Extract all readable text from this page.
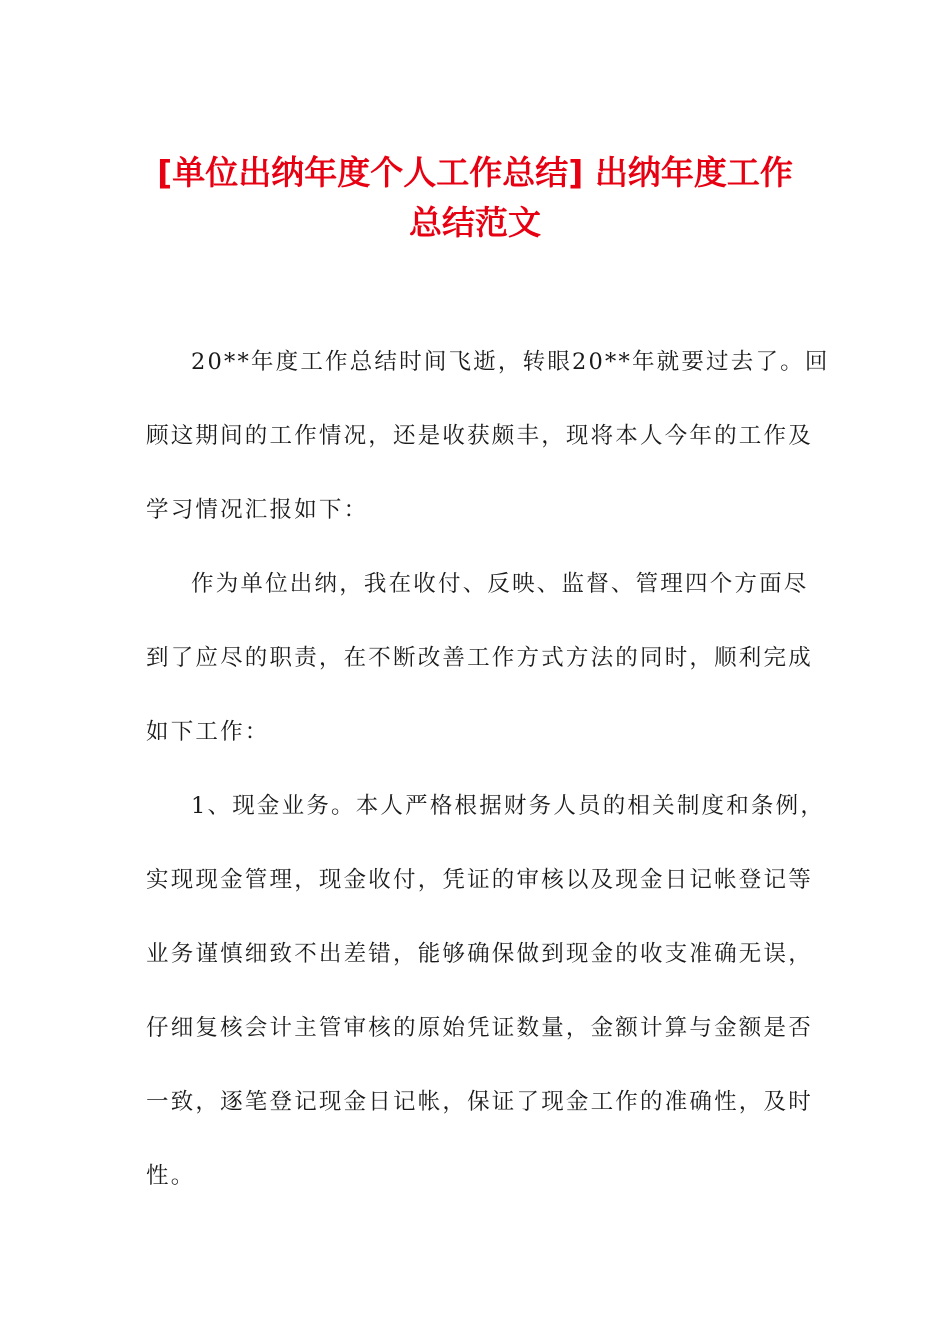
[单位出纳年度个人工作总结] 出纳年度工作
总结范文
20**年度工作总结时间飞逝，转眼20**年就要过去了。回
顾这期间的工作情况，还是收获颇丰，现将本人今年的工作及
学习情况汇报如下：
作为单位出纳，我在收付、反映、监督、管理四个方面尽
到了应尽的职责，在不断改善工作方式方法的同时，顺利完成
如下工作：
1、现金业务。本人严格根据财务人员的相关制度和条例，
实现现金管理，现金收付，凭证的审核以及现金日记帐登记等
业务谨慎细致不出差错，能够确保做到现金的收支准确无误，
仔细复核会计主管审核的原始凭证数量，金额计算与金额是否
一致，逐笔登记现金日记帐，保证了现金工作的准确性，及时
性。
